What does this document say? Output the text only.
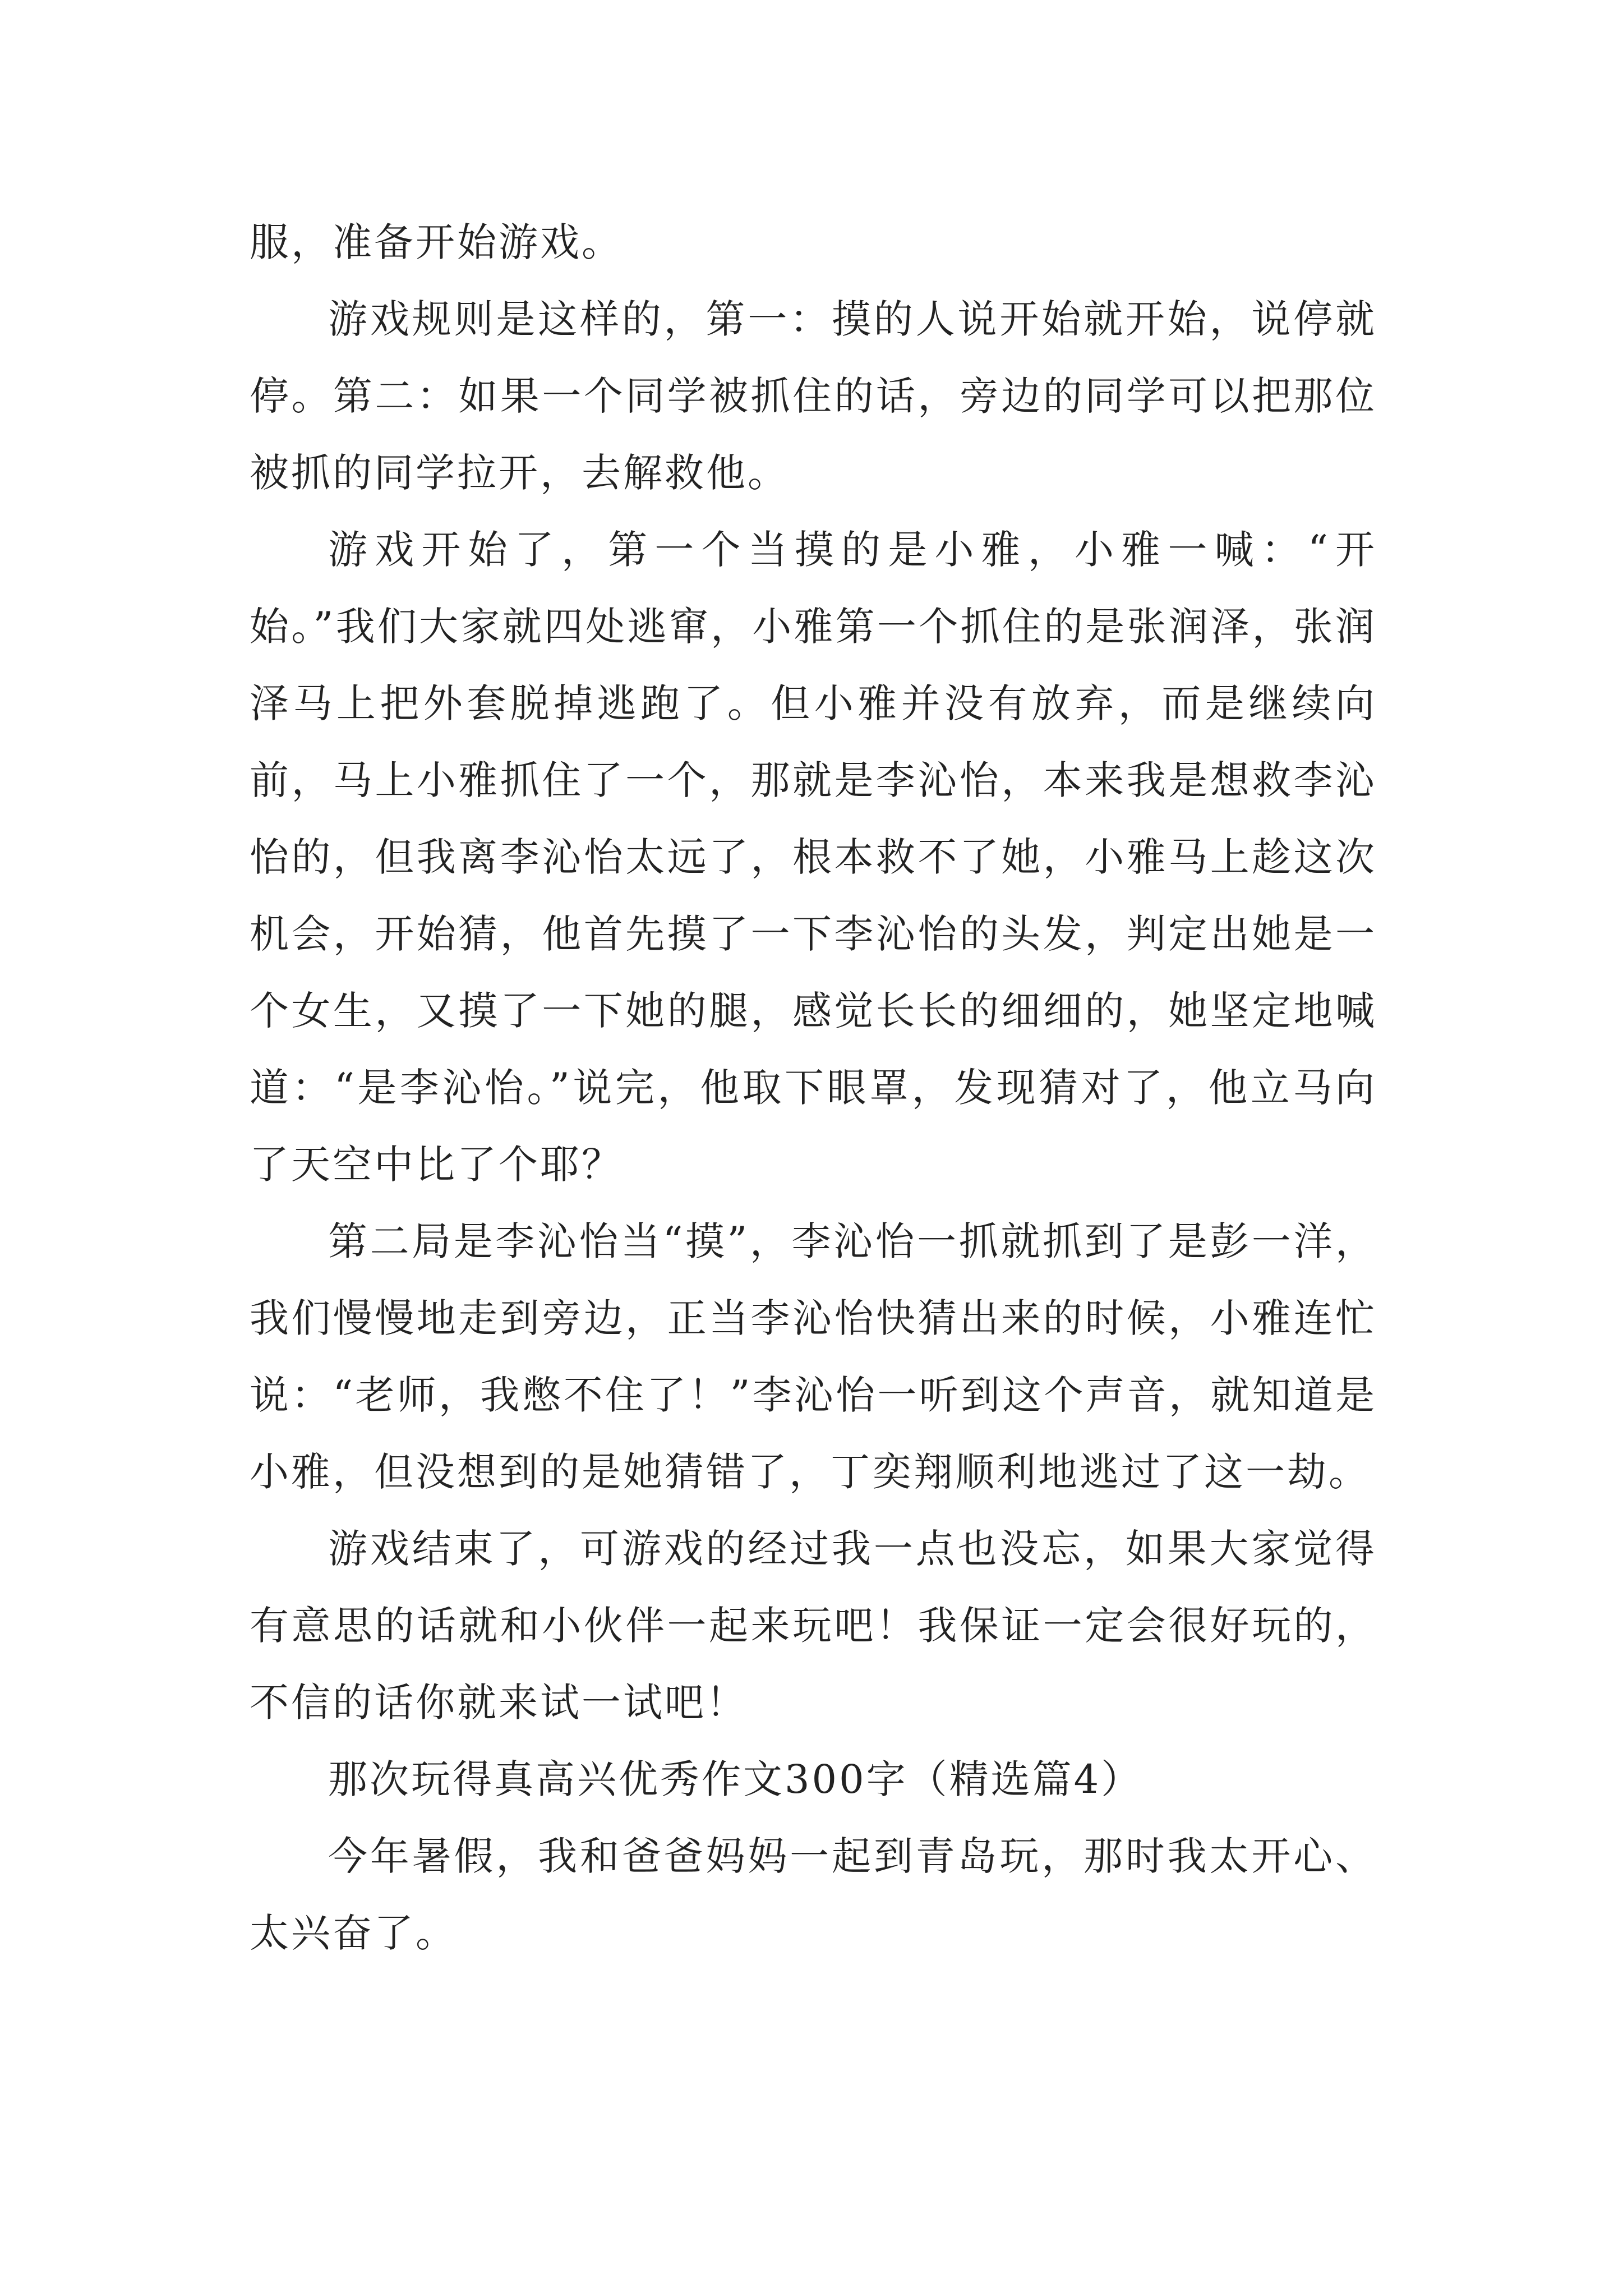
服，准备开始游戏。

游戏规则是这样的，第一：摸的人说开始就开始，说停就停。第二：如果一个同学被抓住的话，旁边的同学可以把那位被抓的同学拉开，去解救他。

游戏开始了，第一个当摸的是小雅，小雅一喊：“开始。”我们大家就四处逃窜，小雅第一个抓住的是张润泽，张润泽马上把外套脱掉逃跑了。但小雅并没有放弃，而是继续向前，马上小雅抓住了一个，那就是李沁怡，本来我是想救李沁怡的，但我离李沁怡太远了，根本救不了她，小雅马上趁这次机会，开始猜，他首先摸了一下李沁怡的头发，判定出她是一个女生，又摸了一下她的腿，感觉长长的细细的，她坚定地喊道：“是李沁怡。”说完，他取下眼罩，发现猜对了，他立马向了天空中比了个耶？

第二局是李沁怡当“摸”，李沁怡一抓就抓到了是彭一洋，我们慢慢地走到旁边，正当李沁怡快猜出来的时候，小雅连忙说：“老师，我憋不住了！”李沁怡一听到这个声音，就知道是小雅，但没想到的是她猜错了，丁奕翔顺利地逃过了这一劫。

游戏结束了，可游戏的经过我一点也没忘，如果大家觉得有意思的话就和小伙伴一起来玩吧！我保证一定会很好玩的，不信的话你就来试一试吧！

那次玩得真高兴优秀作文300字（精选篇4）

今年暑假，我和爸爸妈妈一起到青岛玩，那时我太开心、太兴奋了。
